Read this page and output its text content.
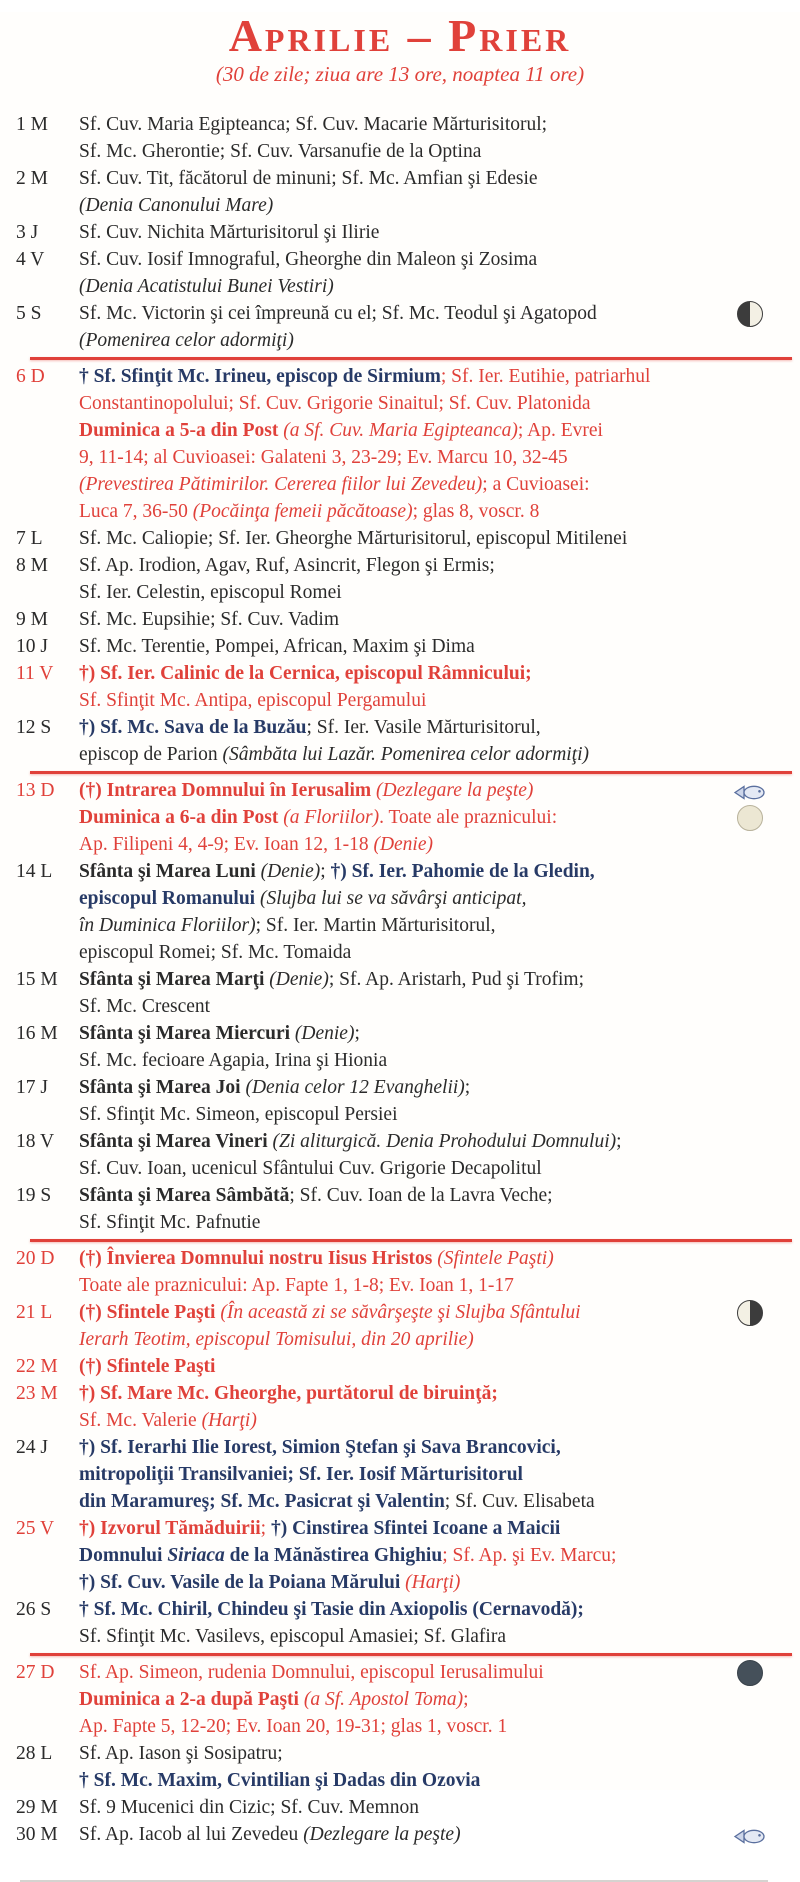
Aprilie – Prier
(30 de zile; ziua are 13 ore, noaptea 11 ore)
1 M	Sf. Cuv. Maria Egipteanca; Sf. Cuv. Macarie Mărturisitorul;
Sf. Mc. Gherontie; Sf. Cuv. Varsanufie de la Optina
2 M	Sf. Cuv. Tit, făcătorul de minuni; Sf. Mc. Amfian şi Edesie
(Denia Canonului Mare)
3 J	Sf. Cuv. Nichita Mărturisitorul şi Ilirie
4 V	Sf. Cuv. Iosif Imnograful, Gheorghe din Maleon şi Zosima
(Denia Acatistului Bunei Vestiri)
5 S	Sf. Mc. Victorin şi cei împreună cu el; Sf. Mc. Teodul şi Agatopod
(Pomenirea celor adormiţi)
6 D	† Sf. Sfinţit Mc. Irineu, episcop de Sirmium; Sf. Ier. Eutihie, patriarhul
Constantinopolului; Sf. Cuv. Grigorie Sinaitul; Sf. Cuv. Platonida
Duminica a 5-a din Post (a Sf. Cuv. Maria Egipteanca); Ap. Evrei
9, 11-14; al Cuvioasei: Galateni 3, 23-29; Ev. Marcu 10, 32-45
(Prevestirea Pătimirilor. Cererea fiilor lui Zevedeu); a Cuvioasei:
Luca 7, 36-50 (Pocăinţa femeii păcătoase); glas 8, voscr. 8
7 L	Sf. Mc. Caliopie; Sf. Ier. Gheorghe Mărturisitorul, episcopul Mitilenei
8 M	Sf. Ap. Irodion, Agav, Ruf, Asincrit, Flegon şi Ermis;
Sf. Ier. Celestin, episcopul Romei
9 M	Sf. Mc. Eupsihie; Sf. Cuv. Vadim
10 J	Sf. Mc. Terentie, Pompei, African, Maxim şi Dima
11 V	†) Sf. Ier. Calinic de la Cernica, episcopul Râmnicului;
Sf. Sfinţit Mc. Antipa, episcopul Pergamului
12 S	†) Sf. Mc. Sava de la Buzău; Sf. Ier. Vasile Mărturisitorul,
episcop de Parion (Sâmbăta lui Lazăr. Pomenirea celor adormiţi)
13 D	(†) Intrarea Domnului în Ierusalim (Dezlegare la peşte)
Duminica a 6-a din Post (a Floriilor). Toate ale praznicului:
Ap. Filipeni 4, 4-9; Ev. Ioan 12, 1-18 (Denie)
14 L	Sfânta şi Marea Luni (Denie); †) Sf. Ier. Pahomie de la Gledin,
episcopul Romanului (Slujba lui se va săvârşi anticipat,
în Duminica Floriilor); Sf. Ier. Martin Mărturisitorul,
episcopul Romei; Sf. Mc. Tomaida
15 M	Sfânta şi Marea Marţi (Denie); Sf. Ap. Aristarh, Pud şi Trofim;
Sf. Mc. Crescent
16 M	Sfânta şi Marea Miercuri (Denie);
Sf. Mc. fecioare Agapia, Irina şi Hionia
17 J	Sfânta şi Marea Joi (Denia celor 12 Evanghelii);
Sf. Sfinţit Mc. Simeon, episcopul Persiei
18 V	Sfânta şi Marea Vineri (Zi aliturgică. Denia Prohodului Domnului);
Sf. Cuv. Ioan, ucenicul Sfântului Cuv. Grigorie Decapolitul
19 S	Sfânta şi Marea Sâmbătă; Sf. Cuv. Ioan de la Lavra Veche;
Sf. Sfinţit Mc. Pafnutie
20 D	(†) Învierea Domnului nostru Iisus Hristos (Sfintele Paşti)
Toate ale praznicului: Ap. Fapte 1, 1-8; Ev. Ioan 1, 1-17
21 L	(†) Sfintele Paşti (În această zi se săvârşeşte şi Slujba Sfântului
Ierarh Teotim, episcopul Tomisului, din 20 aprilie)
22 M	(†) Sfintele Paşti
23 M	†) Sf. Mare Mc. Gheorghe, purtătorul de biruinţă;
Sf. Mc. Valerie (Harţi)
24 J	†) Sf. Ierarhi Ilie Iorest, Simion Ştefan şi Sava Brancovici,
mitropoliţii Transilvaniei; Sf. Ier. Iosif Mărturisitorul
din Maramureş; Sf. Mc. Pasicrat şi Valentin; Sf. Cuv. Elisabeta
25 V	†) Izvorul Tămăduirii; †) Cinstirea Sfintei Icoane a Maicii
Domnului Siriaca de la Mănăstirea Ghighiu; Sf. Ap. şi Ev. Marcu;
†) Sf. Cuv. Vasile de la Poiana Mărului (Harţi)
26 S	† Sf. Mc. Chiril, Chindeu şi Tasie din Axiopolis (Cernavodă);
Sf. Sfinţit Mc. Vasilevs, episcopul Amasiei; Sf. Glafira
27 D	Sf. Ap. Simeon, rudenia Domnului, episcopul Ierusalimului
Duminica a 2-a după Paşti (a Sf. Apostol Toma);
Ap. Fapte 5, 12-20; Ev. Ioan 20, 19-31; glas 1, voscr. 1
28 L	Sf. Ap. Iason şi Sosipatru;
† Sf. Mc. Maxim, Cvintilian şi Dadas din Ozovia
29 M	Sf. 9 Mucenici din Cizic; Sf. Cuv. Memnon
30 M	Sf. Ap. Iacob al lui Zevedeu (Dezlegare la peşte)
